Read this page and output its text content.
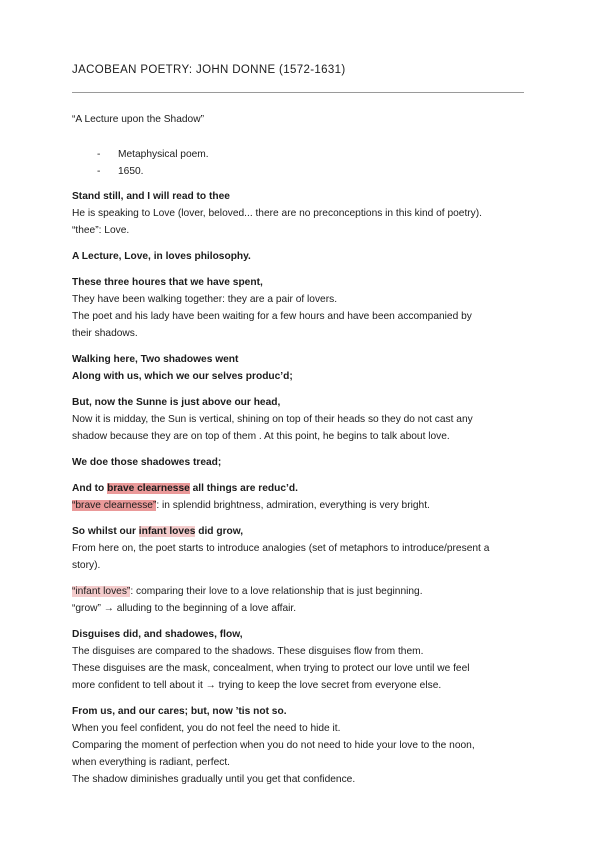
JACOBEAN POETRY: JOHN DONNE (1572-1631)
“A Lecture upon the Shadow”
- Metaphysical poem.
- 1650.
Stand still, and I will read to thee
He is speaking to Love (lover, beloved... there are no preconceptions in this kind of poetry).
“thee”: Love.
A Lecture, Love, in loves philosophy.
These three houres that we have spent,
They have been walking together: they are a pair of lovers.
The poet and his lady have been waiting for a few hours and have been accompanied by
their shadows.
Walking here, Two shadowes went
Along with us, which we our selves produc’d;
But, now the Sunne is just above our head,
Now it is midday, the Sun is vertical, shining on top of their heads so they do not cast any
shadow because they are on top of them . At this point, he begins to talk about love.
We doe those shadowes tread;
And to brave clearnesse all things are reduc’d.
“brave clearnesse”: in splendid brightness, admiration, everything is very bright.
So whilst our infant loves did grow,
From here on, the poet starts to introduce analogies (set of metaphors to introduce/present a
story).
“infant loves”: comparing their love to a love relationship that is just beginning.
“grow” → alluding to the beginning of a love affair.
Disguises did, and shadowes, flow,
The disguises are compared to the shadows. These disguises flow from them.
These disguises are the mask, concealment, when trying to protect our love until we feel
more confident to tell about it → trying to keep the love secret from everyone else.
From us, and our cares; but, now ’tis not so.
When you feel confident, you do not feel the need to hide it.
Comparing the moment of perfection when you do not need to hide your love to the noon,
when everything is radiant, perfect.
The shadow diminishes gradually until you get that confidence.
